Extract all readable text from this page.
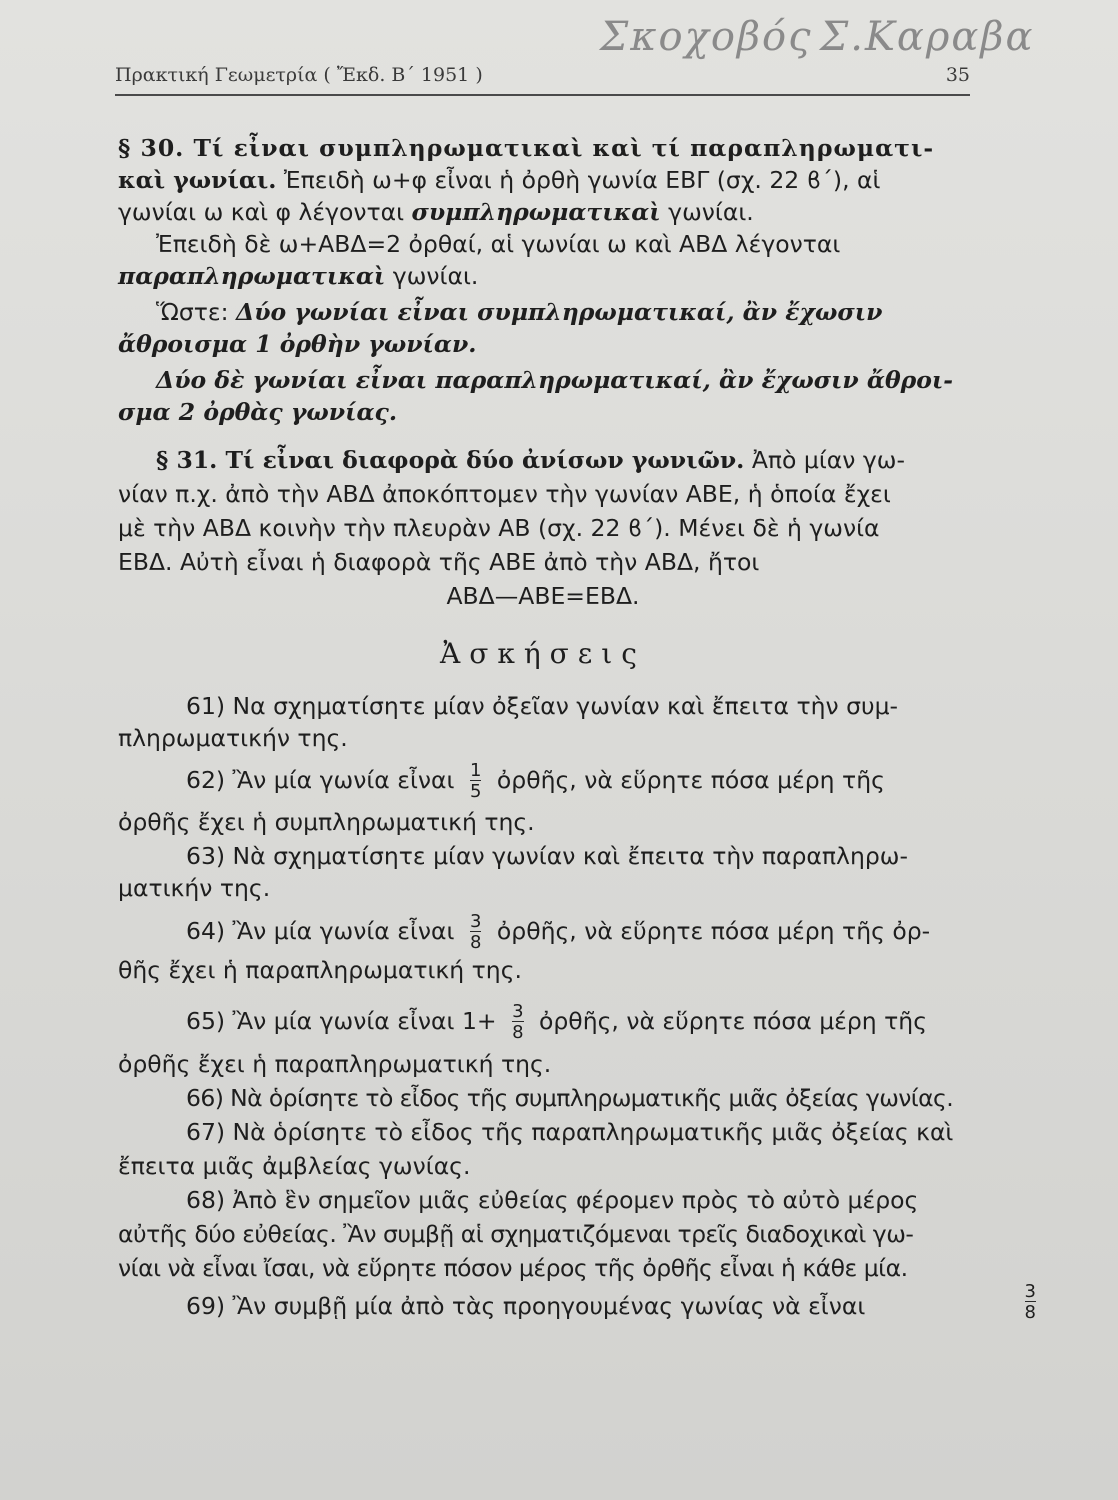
Σκοχοβός Σ.Καραβα
Πρακτική Γεωμετρία ( Ἔκδ. Β΄ 1951 )	35
§ 30. Τί εἶναι συμπληρωματικαὶ καὶ τί παραπληρωματι-
καὶ γωνίαι. Ἐπειδὴ ω+φ εἶναι ἡ ὀρθὴ γωνία ΕΒΓ (σχ. 22 ϐ΄), αἱ
γωνίαι ω καὶ φ λέγονται συμπληρωματικαὶ γωνίαι.
Ἐπειδὴ δὲ ω+ΑΒΔ=2 ὀρθαί, αἱ γωνίαι ω καὶ ΑΒΔ λέγονται
παραπληρωματικαὶ γωνίαι.
Ὥστε: Δύο γωνίαι εἶναι συμπληρωματικαί, ἂν ἔχωσιν
ἄθροισμα 1 ὀρθὴν γωνίαν.
Δύο δὲ γωνίαι εἶναι παραπληρωματικαί, ἂν ἔχωσιν ἄθροι-
σμα 2 ὀρθὰς γωνίας.
§ 31. Τί εἶναι διαφορὰ δύο ἀνίσων γωνιῶν. Ἀπὸ μίαν γω-
νίαν π.χ. ἀπὸ τὴν ΑΒΔ ἀποκόπτομεν τὴν γωνίαν ΑΒΕ, ἡ ὁποία ἔχει
μὲ τὴν ΑΒΔ κοινὴν τὴν πλευρὰν ΑΒ (σχ. 22 ϐ΄). Μένει δὲ ἡ γωνία
ΕΒΔ. Αὐτὴ εἶναι ἡ διαφορὰ τῆς ΑΒΕ ἀπὸ τὴν ΑΒΔ, ἤτοι
ΑΒΔ—ΑΒΕ=ΕΒΔ.
Ἀσκήσεις
61) Να σχηματίσητε μίαν ὀξεῖαν γωνίαν καὶ ἔπειτα τὴν συμ-
πληρωματικήν της.
62) Ἂν μία γωνία εἶναι $\frac{1}{5}$ ὀρθῆς, νὰ εὕρητε πόσα μέρη τῆς
ὀρθῆς ἔχει ἡ συμπληρωματική της.
63) Νὰ σχηματίσητε μίαν γωνίαν καὶ ἔπειτα τὴν παραπληρω-
ματικήν της.
64) Ἂν μία γωνία εἶναι $\frac{3}{8}$ ὀρθῆς, νὰ εὕρητε πόσα μέρη τῆς ὀρ-
θῆς ἔχει ἡ παραπληρωματική της.
65) Ἂν μία γωνία εἶναι $1+ \frac{3}{8}$ ὀρθῆς, νὰ εὕρητε πόσα μέρη τῆς
ὀρθῆς ἔχει ἡ παραπληρωματική της.
66) Νὰ ὁρίσητε τὸ εἶδος τῆς συμπληρωματικῆς μιᾶς ὀξείας γωνίας.
67) Νὰ ὁρίσητε τὸ εἶδος τῆς παραπληρωματικῆς μιᾶς ὀξείας καὶ
ἔπειτα μιᾶς ἀμβλείας γωνίας.
68) Ἀπὸ ἓν σημεῖον μιᾶς εὐθείας φέρομεν πρὸς τὸ αὐτὸ μέρος
αὐτῆς δύο εὐθείας. Ἂν συμβῇ αἱ σχηματιζόμεναι τρεῖς διαδοχικαὶ γω-
νίαι νὰ εἶναι ἴσαι, νὰ εὕρητε πόσον μέρος τῆς ὀρθῆς εἶναι ἡ κάθε μία.
69) Ἂν συμβῇ μία ἀπὸ τὰς προηγουμένας γωνίας νὰ εἶναι	$\frac{3}{8}$
